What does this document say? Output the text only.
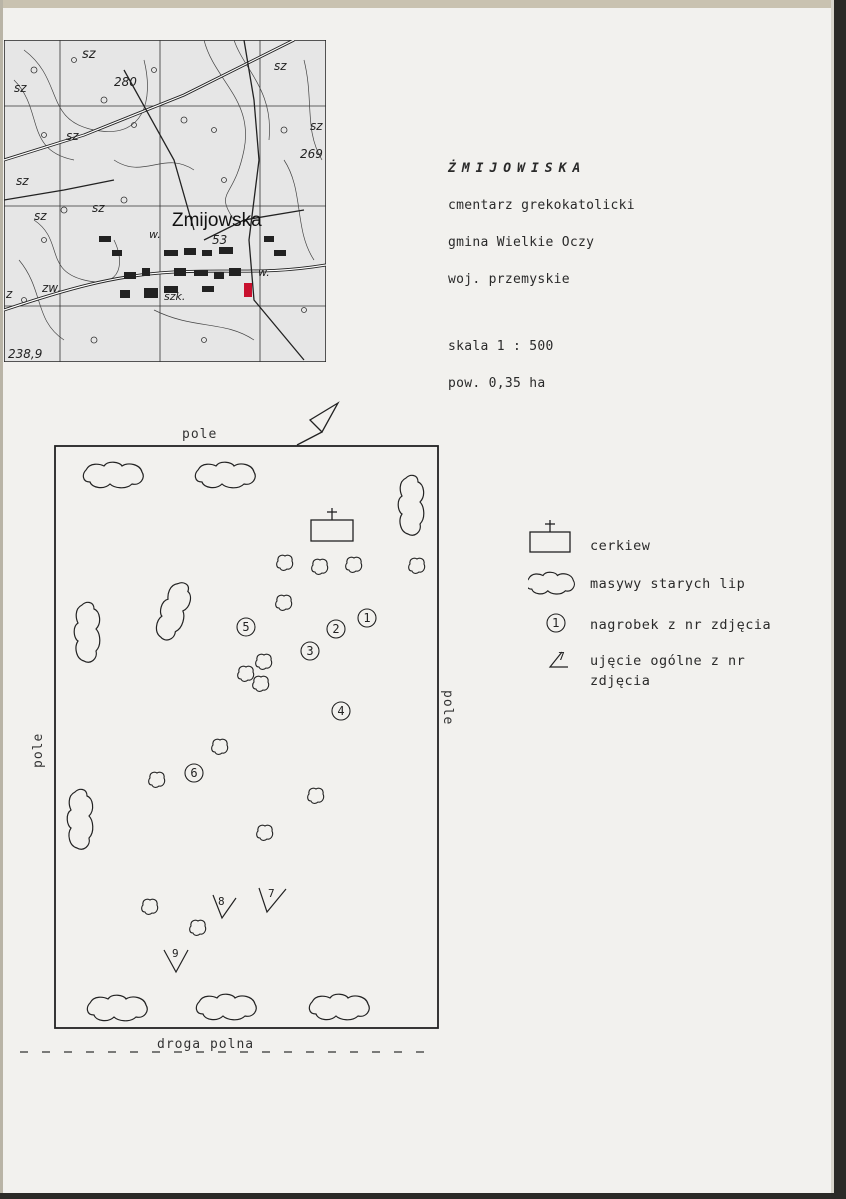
sz
sz
sz
sz
sz
sz
sz
sz
z zw.
w.
w.
szk.
280
269
53
238,9
Zmijowska
ŻMIJOWISKA
cmentarz grekokatolicki
gmina Wielkie Oczy
woj. przemyskie
skala 1 : 500
pow. 0,35 ha
1
2
3
4
5
6
8
7
9
pole
pole
pole
droga polna
1
7
cerkiew
masywy starych lip
nagrobek z nr zdjęcia
ujęcie ogólne z nr
zdjęcia
